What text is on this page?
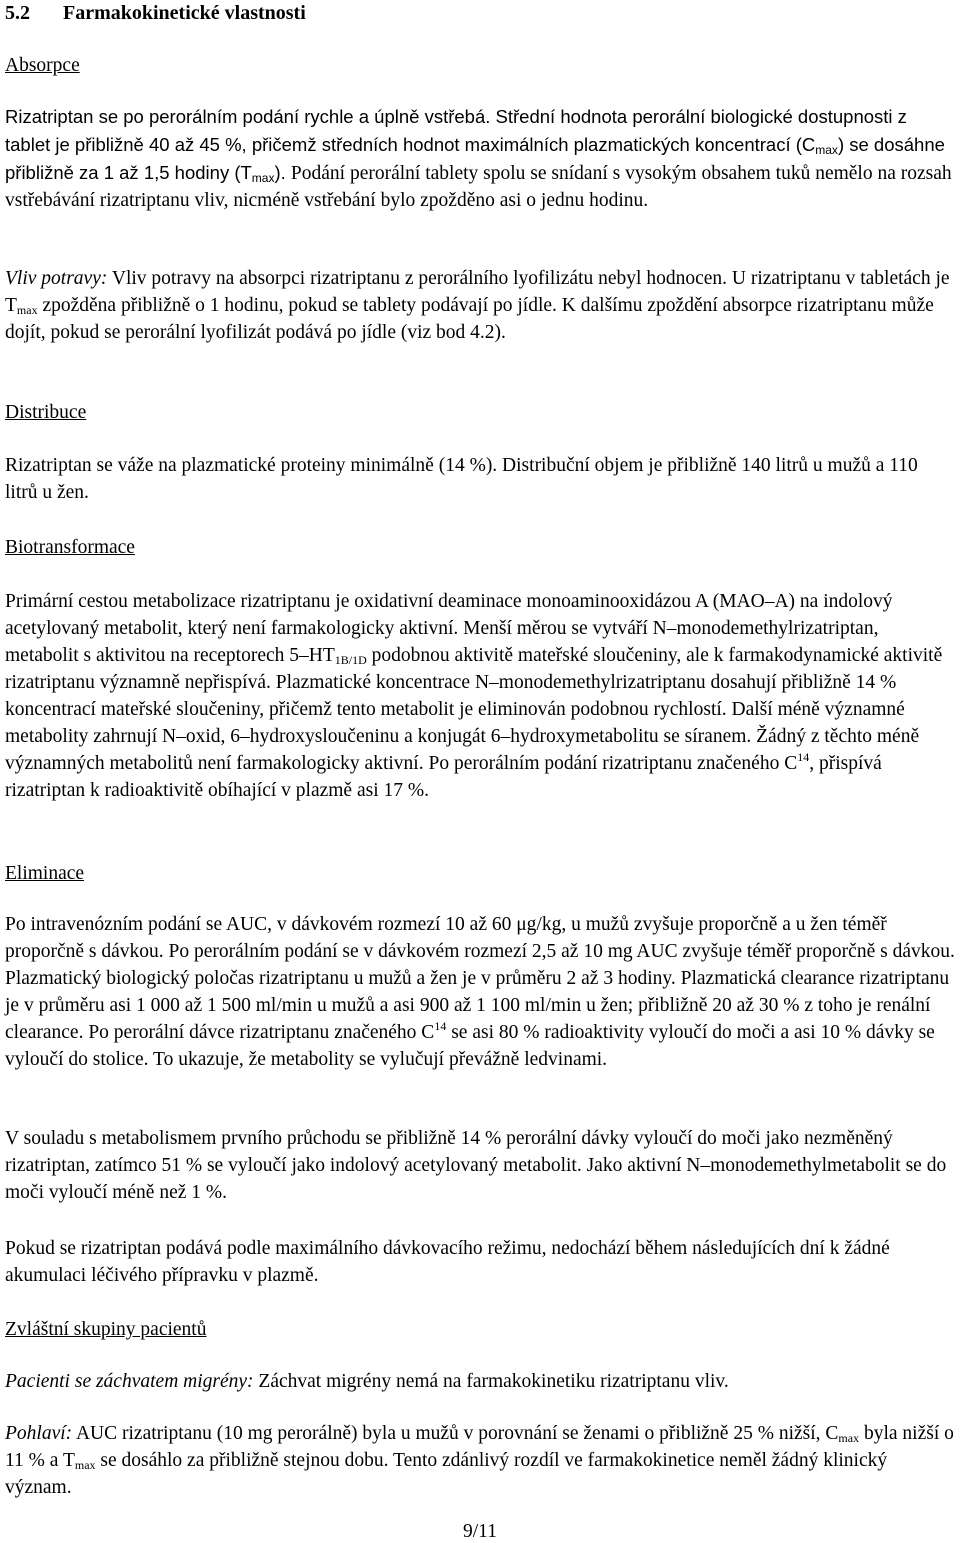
5.2 Farmakokinetické vlastnosti
Absorpce

Rizatriptan se po perorálním podání rychle a úplně vstřebá. Střední hodnota perorální biologické dostupnosti z tablet je přibližně 40 až 45 %, přičemž středních hodnot maximálních plazmatických koncentrací $(C_{max})$ se dosáhne přibližně za 1 až 1,5 hodiny $(T_{max})$. Podání perorální tablety spolu se snídaní s vysokým obsahem tuků nemělo na rozsah vstřebávání rizatriptanu vliv, nicméně vstřebání bylo zpožděno asi o jednu hodinu.

Vliv potravy: Vliv potravy na absorpci rizatriptanu z perorálního lyofilizátu nebyl hodnocen. U rizatriptanu v tabletách je $T_{max}$ zpožděna přibližně o 1 hodinu, pokud se tablety podávají po jídle. K dalšímu zpoždění absorpce rizatriptanu může dojít, pokud se perorální lyofilizát podává po jídle (viz bod 4.2).

Distribuce

Rizatriptan se váže na plazmatické proteiny minimálně (14 %). Distribuční objem je přibližně 140 litrů u mužů a 110 litrů u žen.

Biotransformace

Primární cestou metabolizace rizatriptanu je oxidativní deaminace monoaminooxidázou A (MAO–A) na indolový acetylovaný metabolit, který není farmakologicky aktivní. Menší měrou se vytváří N–monodemethylrizatriptan, metabolit s aktivitou na receptorech $5-HT_{1B/1D}$ podobnou aktivitě mateřské sloučeniny, ale k farmakodynamické aktivitě rizatriptanu významně nepřispívá. Plazmatické koncentrace N–monodemethylrizatriptanu dosahují přibližně 14 % koncentrací mateřské sloučeniny, přičemž tento metabolit je eliminován podobnou rychlostí. Další méně významné metabolity zahrnují N–oxid, 6–hydroxysloučeninu a konjugát 6–hydroxymetabolitu se síranem. Žádný z těchto méně významných metabolitů není farmakologicky aktivní. Po perorálním podání rizatriptanu značeného $C^{14}$, přispívá rizatriptan k radioaktivitě obíhající v plazmě asi 17 %.

Eliminace

Po intravenózním podání se AUC, v dávkovém rozmezí 10 až 60 μg/kg, u mužů zvyšuje proporčně a u žen téměř proporčně s dávkou. Po perorálním podání se v dávkovém rozmezí 2,5 až 10 mg AUC zvyšuje téměř proporčně s dávkou. Plazmatický biologický poločas rizatriptanu u mužů a žen je v průměru 2 až 3 hodiny. Plazmatická clearance rizatriptanu je v průměru asi 1 000 až 1 500 ml/min u mužů a asi 900 až 1 100 ml/min u žen; přibližně 20 až 30 % z toho je renální clearance. Po perorální dávce rizatriptanu značeného $C^{14}$ se asi 80 % radioaktivity vyloučí do moči a asi 10 % dávky se vyloučí do stolice. To ukazuje, že metabolity se vylučují převážně ledvinami.

V souladu s metabolismem prvního průchodu se přibližně 14 % perorální dávky vyloučí do moči jako nezměněný rizatriptan, zatímco 51 % se vyloučí jako indolový acetylovaný metabolit. Jako aktivní N–monodemethylmetabolit se do moči vyloučí méně než 1 %.

Pokud se rizatriptan podává podle maximálního dávkovacího režimu, nedochází během následujících dní k žádné akumulaci léčivého přípravku v plazmě.

Zvláštní skupiny pacientů

Pacienti se záchvatem migrény: Záchvat migrény nemá na farmakokinetiku rizatriptanu vliv.

Pohlaví: AUC rizatriptanu (10 mg perorálně) byla u mužů v porovnání se ženami o přibližně 25 % nižší, $C_{max}$ byla nižší o 11 % a $T_{max}$ se dosáhlo za přibližně stejnou dobu. Tento zdánlivý rozdíl ve farmakokinetice neměl žádný klinický význam.

9/11
